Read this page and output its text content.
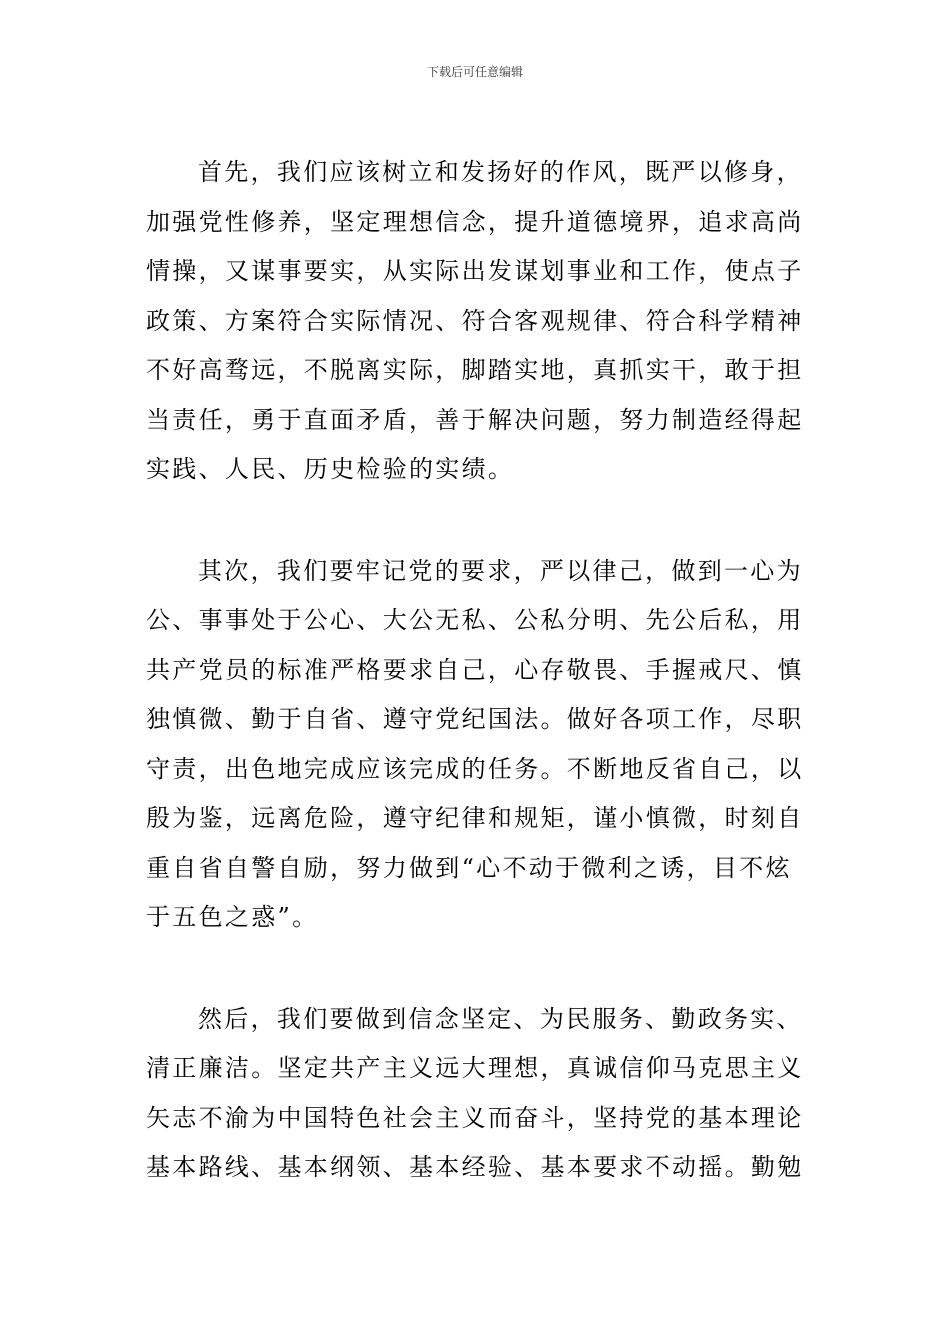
下载后可任意编辑
首先，我们应该树立和发扬好的作风，既严以修身，
加强党性修养，坚定理想信念，提升道德境界，追求高尚
情操，又谋事要实，从实际出发谋划事业和工作，使点子
政策、方案符合实际情况、符合客观规律、符合科学精神
不好高骛远，不脱离实际，脚踏实地，真抓实干，敢于担
当责任，勇于直面矛盾，善于解决问题，努力制造经得起
实践、人民、历史检验的实绩。
其次，我们要牢记党的要求，严以律己，做到一心为
公、事事处于公心、大公无私、公私分明、先公后私，用
共产党员的标准严格要求自己，心存敬畏、手握戒尺、慎
独慎微、勤于自省、遵守党纪国法。做好各项工作，尽职
守责，出色地完成应该完成的任务。不断地反省自己，以
殷为鉴，远离危险，遵守纪律和规矩，谨小慎微，时刻自
重自省自警自励，努力做到“心不动于微利之诱，目不炫
于五色之惑”。
然后，我们要做到信念坚定、为民服务、勤政务实、
清正廉洁。坚定共产主义远大理想，真诚信仰马克思主义
矢志不渝为中国特色社会主义而奋斗，坚持党的基本理论
基本路线、基本纲领、基本经验、基本要求不动摇。勤勉
